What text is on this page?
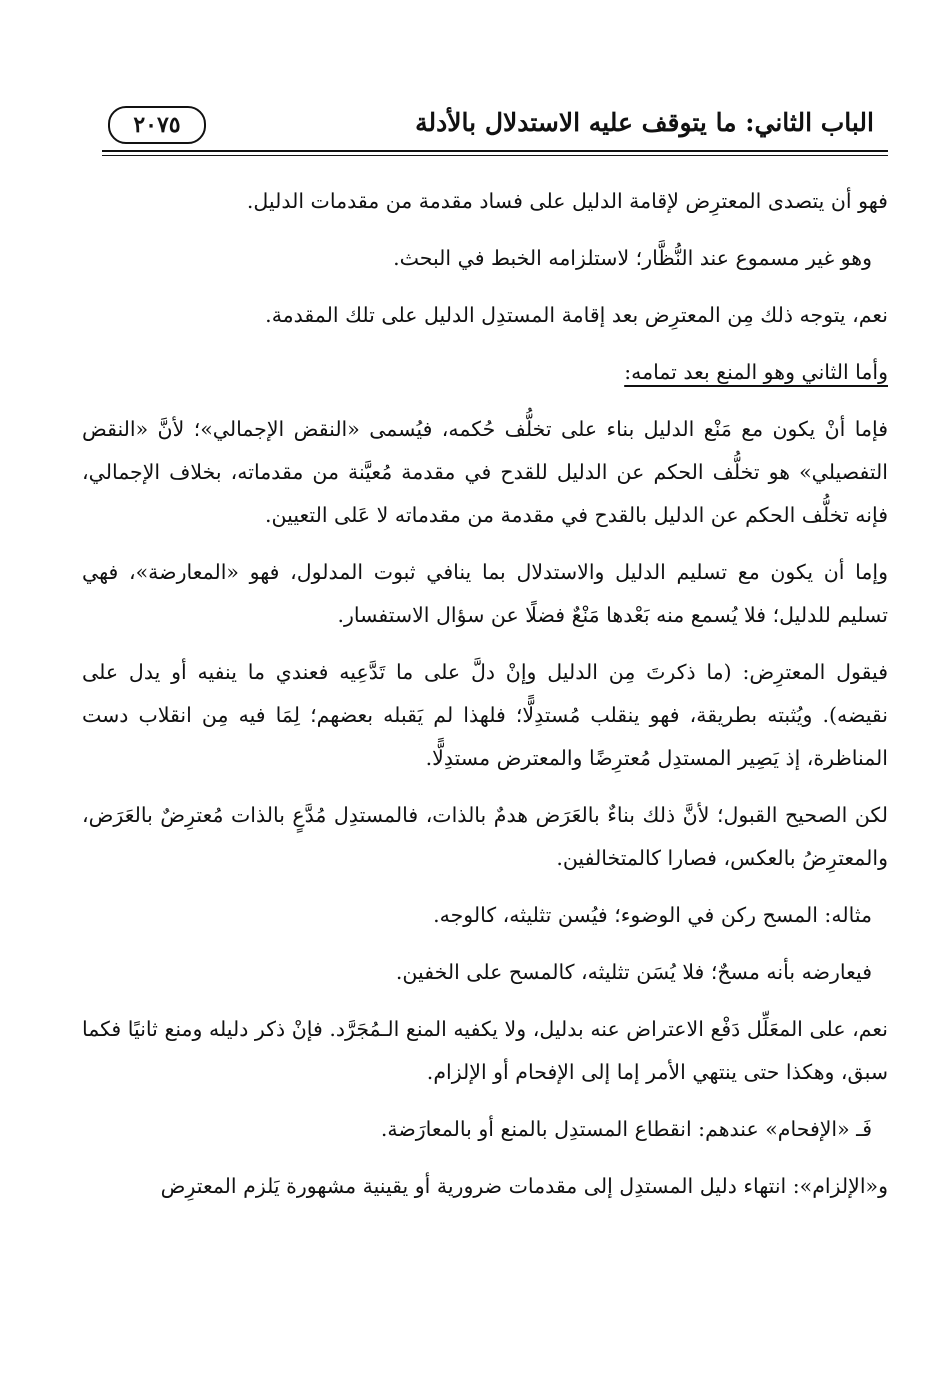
الباب الثاني: ما يتوقف عليه الاستدلال بالأدلة
٢٠٧٥

فهو أن يتصدى المعترِض لإقامة الدليل على فساد مقدمة من مقدمات الدليل.

وهو غير مسموع عند النُّظَّار؛ لاستلزامه الخبط في البحث.

نعم، يتوجه ذلك مِن المعترِض بعد إقامة المستدِل الدليل على تلك المقدمة.

وأما الثاني وهو المنع بعد تمامه:

فإما أنْ يكون مع مَنْع الدليل بناء على تخلُّف حُكمه، فيُسمى «النقض الإجمالي»؛ لأنَّ «النقض التفصيلي» هو تخلُّف الحكم عن الدليل للقدح في مقدمة مُعيَّنة من مقدماته، بخلاف الإجمالي، فإنه تخلُّف الحكم عن الدليل بالقدح في مقدمة من مقدماته لا عَلى التعيين.

وإما أن يكون مع تسليم الدليل والاستدلال بما ينافي ثبوت المدلول، فهو «المعارضة»، فهي تسليم للدليل؛ فلا يُسمع منه بَعْدها مَنْعٌ فضلًا عن سؤال الاستفسار.

فيقول المعترِض: (ما ذكرتَ مِن الدليل وإنْ دلَّ على ما تَدَّعِيه فعندي ما ينفيه أو يدل على نقيضه). ويُثبته بطريقة، فهو ينقلب مُستدِلًّا؛ فلهذا لم يَقبله بعضهم؛ لِمَا فيه مِن انقلاب دست المناظرة، إذ يَصِير المستدِل مُعترِضًا والمعترض مستدِلًّا.

لكن الصحيح القبول؛ لأنَّ ذلك بناءٌ بالعَرَض هدمٌ بالذات، فالمستدِل مُدَّعٍ بالذات مُعترِضٌ بالعَرَض، والمعترِضُ بالعكس، فصارا كالمتخالفين.

مثاله: المسح ركن في الوضوء؛ فيُسن تثليثه، كالوجه.

فيعارضه بأنه مسحٌ؛ فلا يُسَن تثليثه، كالمسح على الخفين.

نعم، على المعَلِّل دَفْع الاعتراض عنه بدليل، ولا يكفيه المنع الـمُجَرَّد. فإنْ ذكر دليله ومنع ثانيًا فكما سبق، وهكذا حتى ينتهي الأمر إما إلى الإفحام أو الإلزام.

فَـ «الإفحام» عندهم: انقطاع المستدِل بالمنع أو بالمعارَضة.

و«الإلزام»: انتهاء دليل المستدِل إلى مقدمات ضرورية أو يقينية مشهورة يَلزم المعترِض
